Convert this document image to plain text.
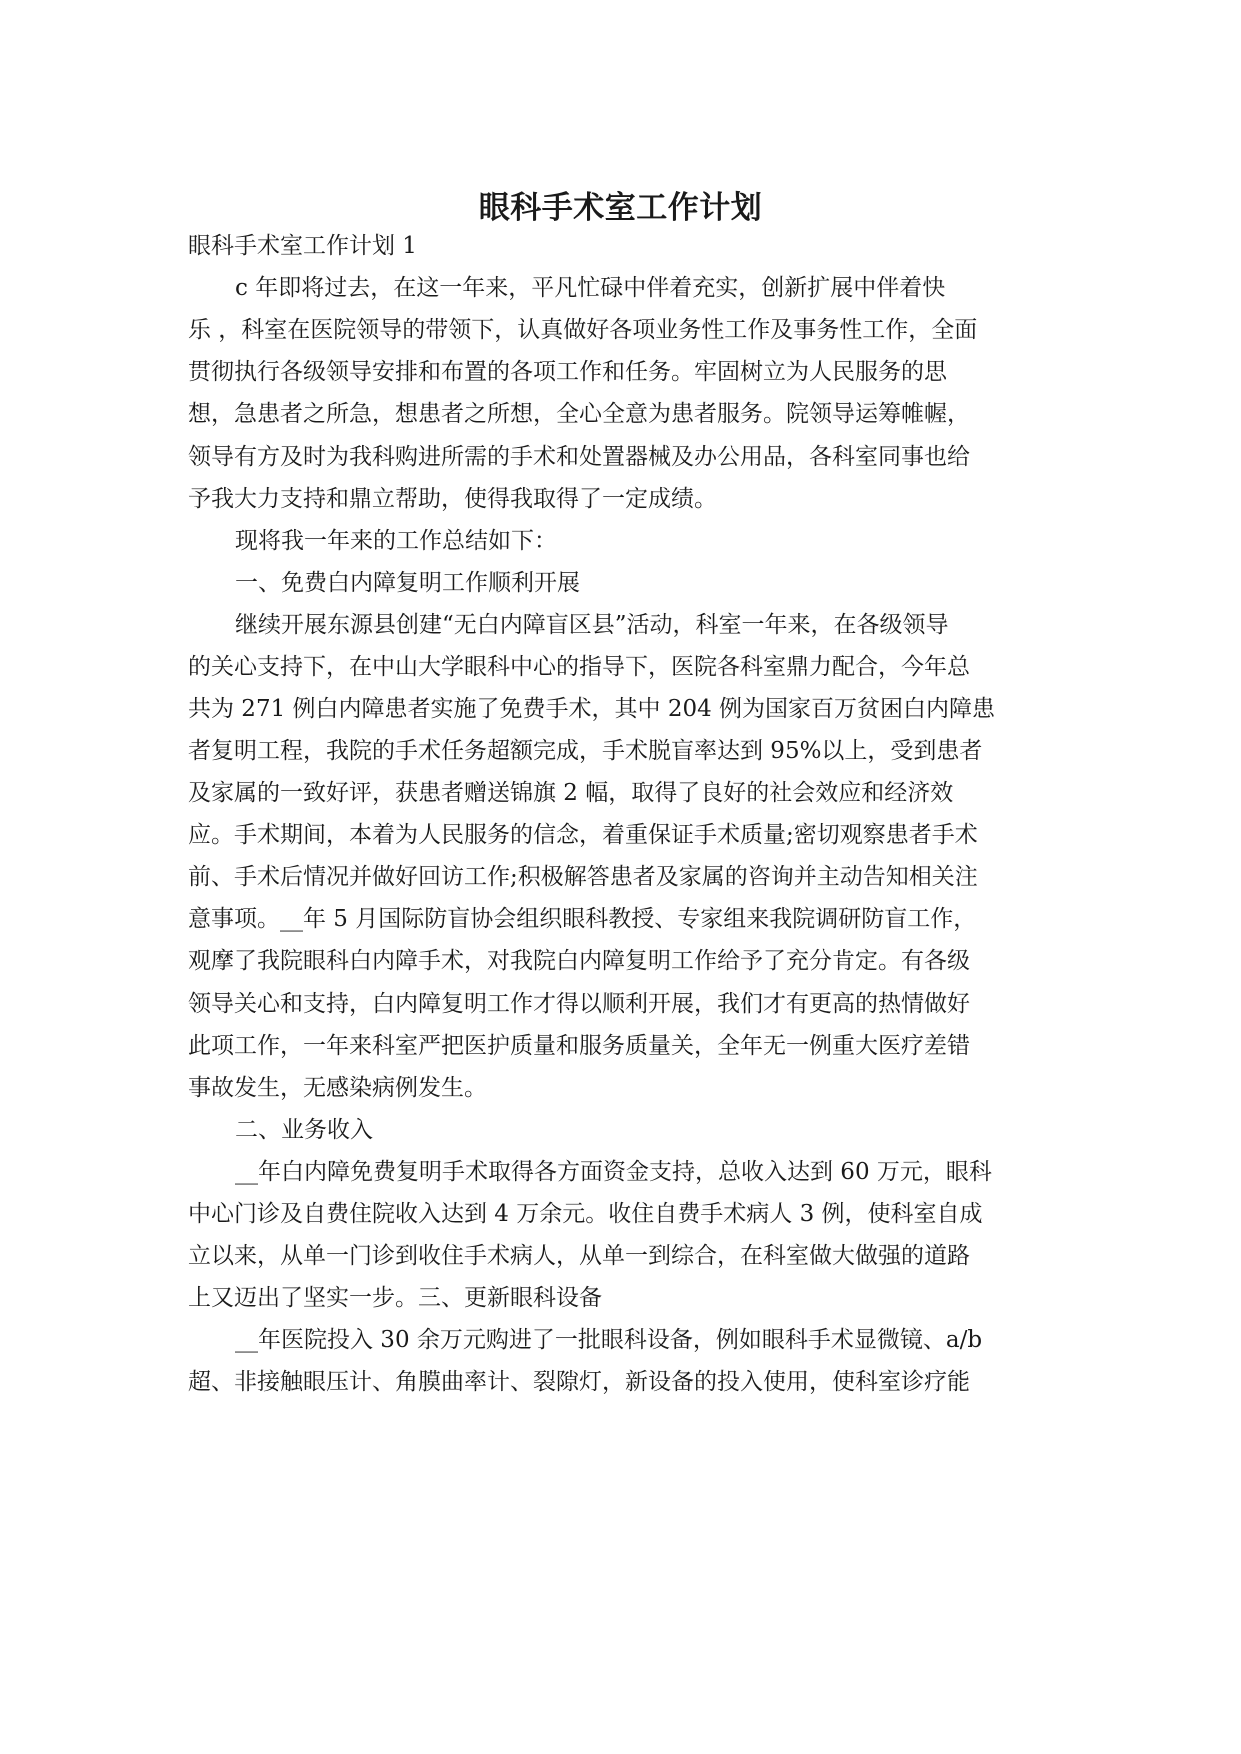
眼科手术室工作计划

眼科手术室工作计划 1

c 年即将过去，在这一年来，平凡忙碌中伴着充实，创新扩展中伴着快

乐 ，科室在医院领导的带领下，认真做好各项业务性工作及事务性工作，全面

贯彻执行各级领导安排和布置的各项工作和任务。牢固树立为人民服务的思

想，急患者之所急，想患者之所想，全心全意为患者服务。院领导运筹帷幄，

领导有方及时为我科购进所需的手术和处置器械及办公用品，各科室同事也给

予我大力支持和鼎立帮助，使得我取得了一定成绩。

现将我一年来的工作总结如下：

一、免费白内障复明工作顺利开展

继续开展东源县创建“无白内障盲区县”活动，科室一年来，在各级领导

的关心支持下，在中山大学眼科中心的指导下，医院各科室鼎力配合，今年总

共为 271 例白内障患者实施了免费手术，其中 204 例为国家百万贫困白内障患

者复明工程，我院的手术任务超额完成，手术脱盲率达到 95%以上，受到患者

及家属的一致好评，获患者赠送锦旗 2 幅，取得了良好的社会效应和经济效

应。手术期间，本着为人民服务的信念，着重保证手术质量;密切观察患者手术

前、手术后情况并做好回访工作;积极解答患者及家属的咨询并主动告知相关注

意事项。__年 5 月国际防盲协会组织眼科教授、专家组来我院调研防盲工作，

观摩了我院眼科白内障手术，对我院白内障复明工作给予了充分肯定。有各级

领导关心和支持，白内障复明工作才得以顺利开展，我们才有更高的热情做好

此项工作，一年来科室严把医护质量和服务质量关，全年无一例重大医疗差错

事故发生，无感染病例发生。

二、业务收入

__年白内障免费复明手术取得各方面资金支持，总收入达到 60 万元，眼科

中心门诊及自费住院收入达到 4 万余元。收住自费手术病人 3 例，使科室自成

立以来，从单一门诊到收住手术病人，从单一到综合，在科室做大做强的道路

上又迈出了坚实一步。三、更新眼科设备

__年医院投入 30 余万元购进了一批眼科设备，例如眼科手术显微镜、a/b

超、非接触眼压计、角膜曲率计、裂隙灯，新设备的投入使用，使科室诊疗能
